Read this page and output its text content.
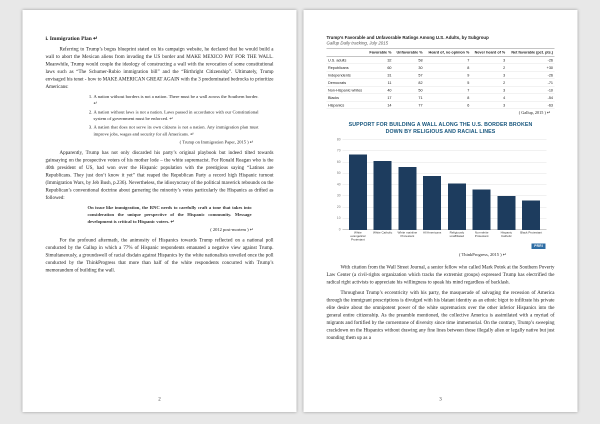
i. Immigration Plan ↵

Referring to Trump’s bogus blueprint stated on his campaign website, he declared that he would build a wall to abort the Mexican aliens from invading the US border and MAKE MEXICO PAY FOR THE WALL. Meanwhile, Trump would couple the ideology of constructing a wall with the revocation of some constitutional laws such as “The Schumer-Rubio immigration bill” and the “Birthright Citizenship”. Ultimately, Trump envisaged his tenet - how to MAKE AMERICAN GREAT AGAIN with the 3 predominated bedrocks to prioritize Americans:

1. A nation without borders is not a nation. There must be a wall across the Southern border. ↵
2. A nation without laws is not a nation. Laws passed in accordance with our Constitutional system of government must be enforced. ↵
3. A nation that does not serve its own citizens is not a nation. Any immigration plan must improve jobs, wages and security for all Americans. ↵
( Trump on Immigration Paper, 2015 ) ↵

Apparently, Trump has not only discarded his party’s original playbook but indeed tilted towards gainsaying on the prospective voters of his mother lode – the white supremacist. For Ronald Reagan who is the 40th president of US, had won over the Hispanic population with the prestigious saying “Latinos are Republicans. They just don’t know it yet” that reaped the Republican Party a record high Hispanic turnout (Immigration Wars, by Jeb Bush, p.236). Nevertheless, the idiosyncrasy of the political maverick rebounds on the Republican’s conventional doctrine about garnering the minority’s votes particularly the Hispanics as drifted as followed:

On issue like immigration, the RNC needs to carefully craft a tone that takes into consideration the unique perspective of the Hispanic community. Message development is critical to Hispanic voters. ↵
( 2012 post-mortem ) ↵

For the profound aftermath, the animosity of Hispanics towards Trump reflected on a national poll conducted by the Gallup in which a 77% of Hispanic respondents emanated a negative view against Trump. Simultaneously, a groundswell of racial disdain against Hispanics by the white nationalists unveiled once the poll conducted by the ThinkProgress that more than half of the white respondents concurred with Trump’s memorandum of building the wall.

2
Trump’s Favorable and Unfavorable Ratings Among U.S. Adults, by Subgroup
Gallup Daily tracking, July 2015
	Favorable %	Unfavorable %	Heard of, no opinion %	Never heard of %	Net favorable (pct. pts.)
U.S. adults	32	58	7	3	-26
Republicans	60	30	8	2	+30
Independents	31	57	9	3	-26
Democrats	11	82	5	2	-71
Non-Hispanic whites	40	50	7	3	-10
Blacks	17	71	8	4	-54
Hispanics	14	77	6	3	-63
( Gallup, 2015 ) ↵
SUPPORT FOR BUILDING A WALL ALONG THE U.S. BORDER BROKEN DOWN BY RELIGIOUS AND RACIAL LINES
0
10
20
30
40
50
60
70
80
White evangelical Protestant
White Catholic White mainline Protestant
All Americans	Religiously unaffiliated
Non-white Protestant
Hispanic Catholic
Black Protestant
PRRI
( ThinkProgress, 2015 ) ↵

With citation from the Wall Street Journal, a senior fellow who called Mark Potok at the Southern Poverty Law Center (a civil-rights organization which tracks the extremist groups) expressed Trump has electrified the radical right activists to appreciate his willingness to speak his mind regardless of backlash.

Throughout Trump’s eccentricity with his party, the masquerade of salvaging the recession of America through the immigrant prescriptions is divulged with his blatant identity as an ethnic bigot to infiltrate his private elite desire about the omnipotent power of the white supremacists over the other inferior Hispanics into the general entire citizenship. As the preamble mentioned, the collective America is assimilated with a myriad of migrants and fortified by the cornerstone of diversity since time immemorial. On the contrary, Trump’s sweeping crackdown on the Hispanics without drawing any fine lines between those illegally alien or legally native but just rounding them up as a

3
